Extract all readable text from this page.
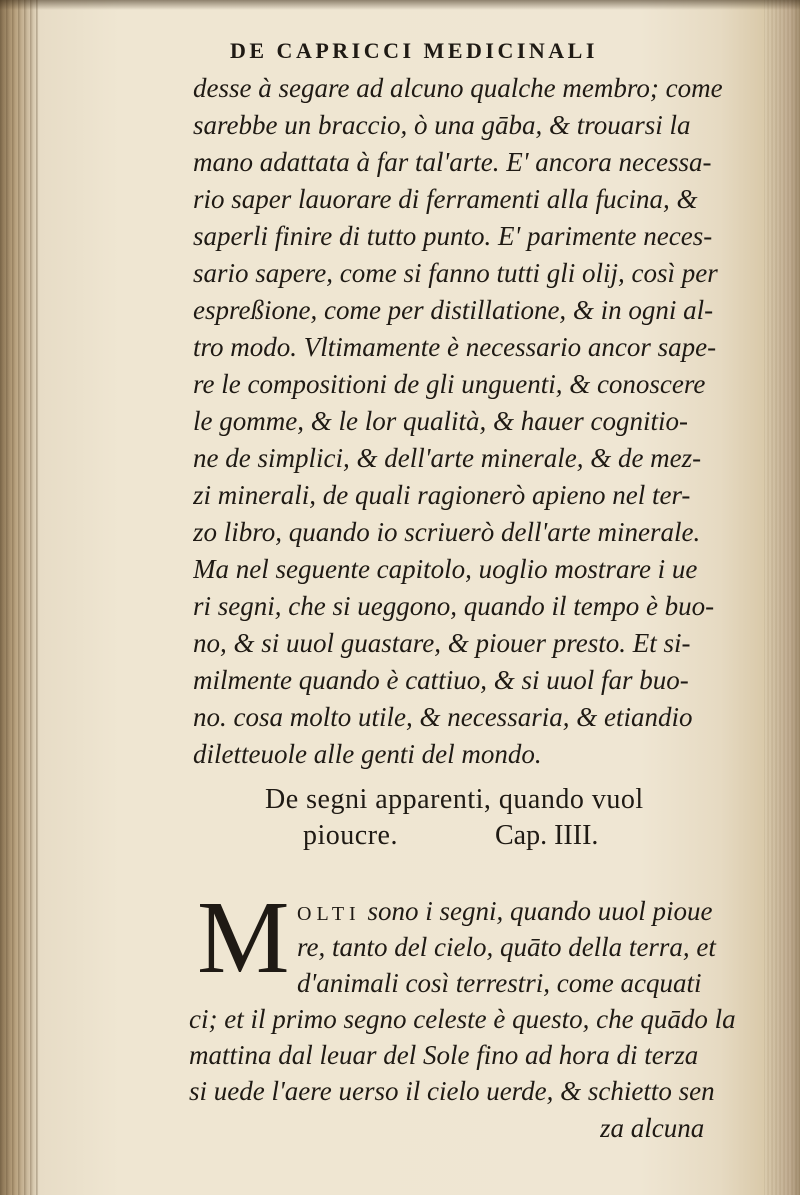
DE CAPRICCI MEDICINALI
desse à segare ad alcuno qualche membro; come
sarebbe un braccio, ò una gāba, & trouarsi la
mano adattata à far tal'arte. E' ancora necessa-
rio saper lauorare di ferramenti alla fucina, &
saperli finire di tutto punto. E' parimente neces-
sario sapere, come si fanno tutti gli olij, così per
espreßione, come per distillatione, & in ogni al-
tro modo. Vltimamente è necessario ancor sape-
re le compositioni de gli unguenti, & conoscere
le gomme, & le lor qualità, & hauer cognitio-
ne de simplici, & dell'arte minerale, & de mez-
zi minerali, de quali ragionerò apieno nel ter-
zo libro, quando io scriuerò dell'arte minerale.
Ma nel seguente capitolo, uoglio mostrare i ue
ri segni, che si ueggono, quando il tempo è buo-
no, & si uuol guastare, & piouer presto. Et si-
milmente quando è cattiuo, & si uuol far buo-
no. cosa molto utile, & necessaria, & etiandio
diletteuole alle genti del mondo.
De segni apparenti, quando vuol
pioucre.	Cap. IIII.
M OLTI sono i segni, quando uuol pioue
re, tanto del cielo, quāto della terra, et
d'animali così terrestri, come acquati
ci; et il primo segno celeste è questo, che quādo la
mattina dal leuar del Sole fino ad hora di terza
si uede l'aere uerso il cielo uerde, & schietto sen
za alcuna
